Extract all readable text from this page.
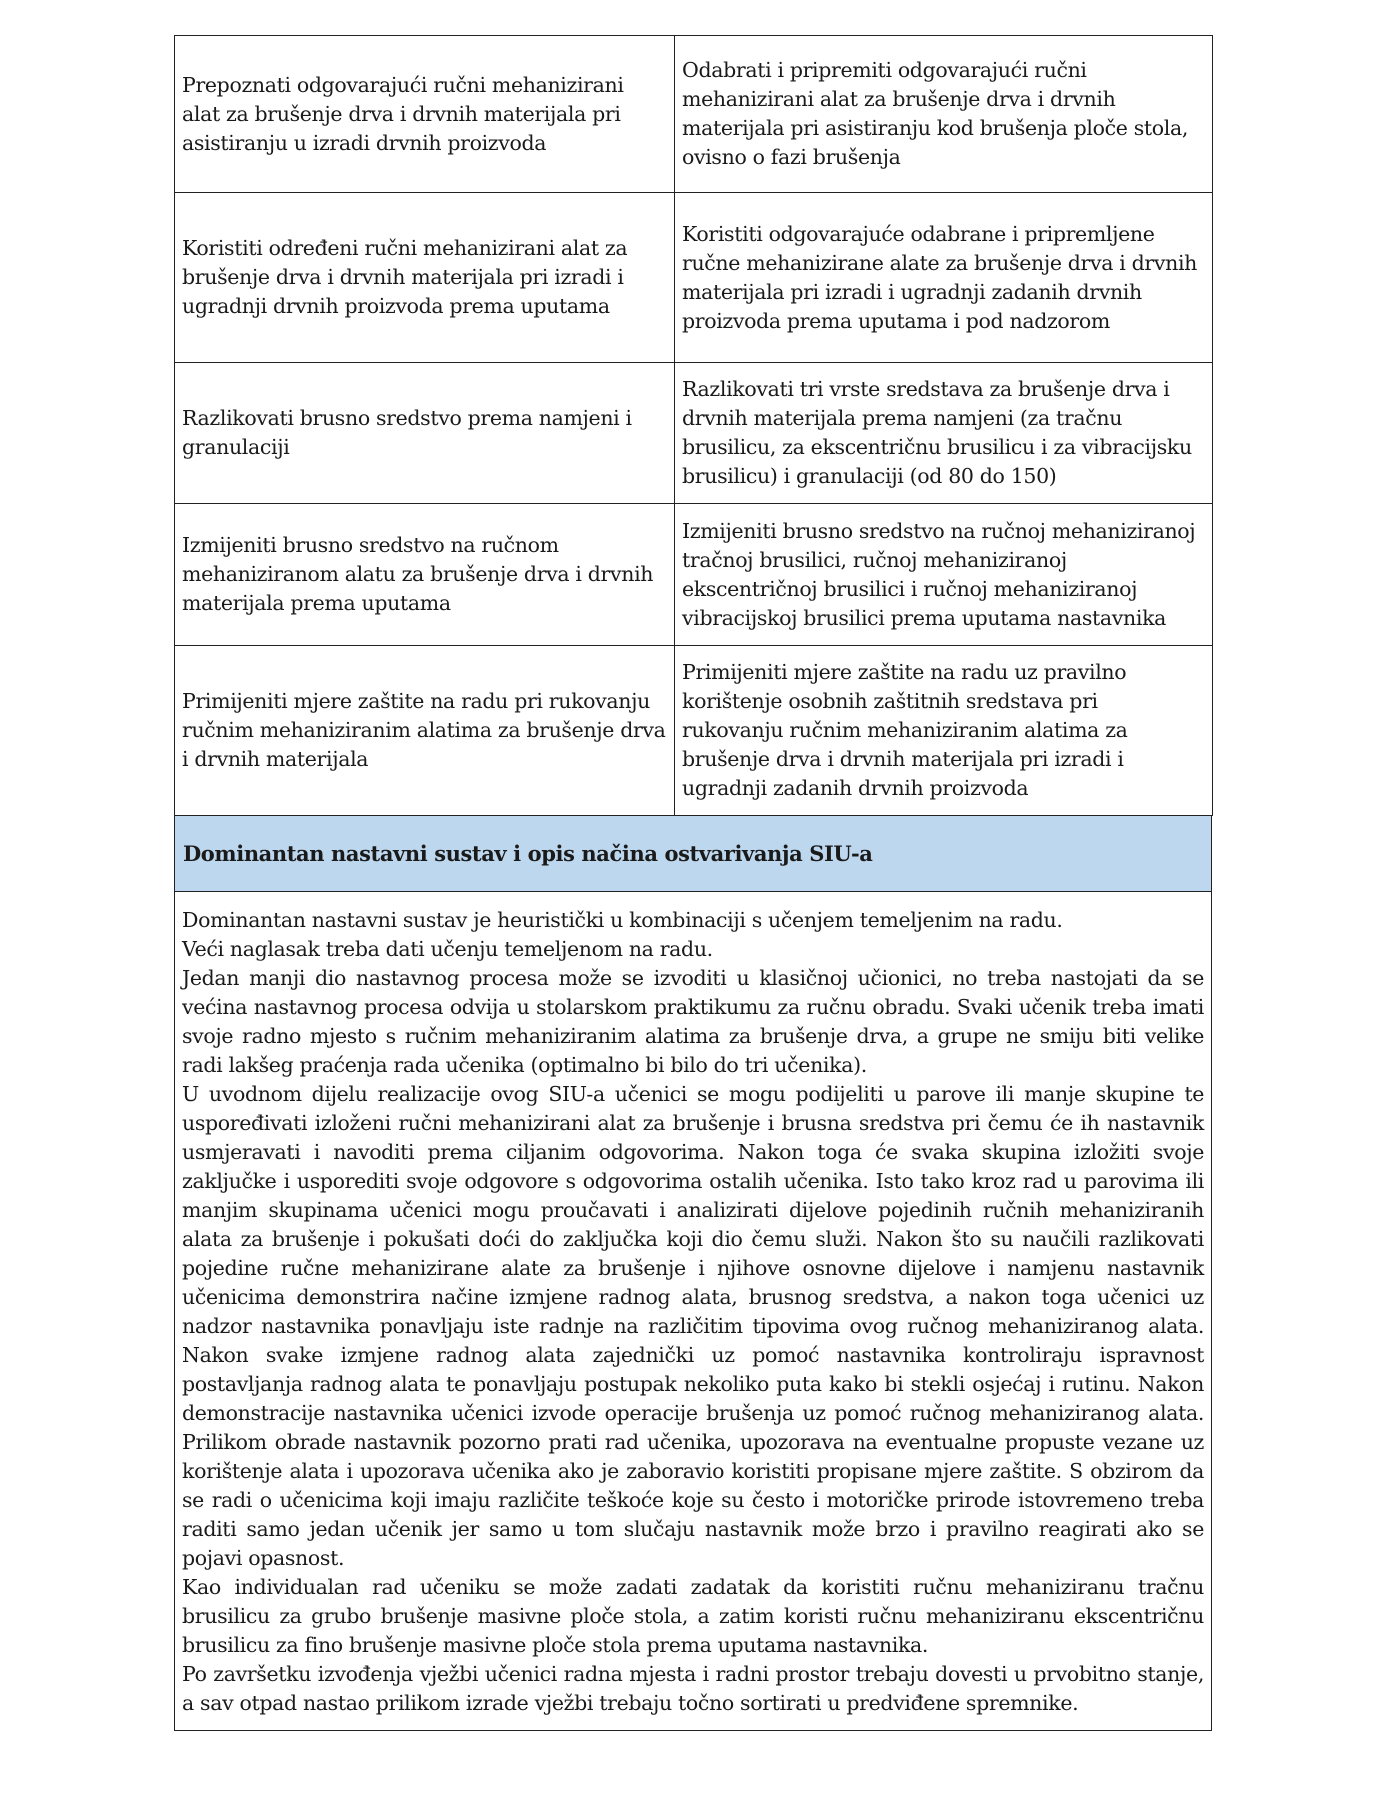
Prepoznati odgovarajući ručni mehanizirani alat za brušenje drva i drvnih materijala pri asistiranju u izradi drvnih proizvoda	Odabrati i pripremiti odgovarajući ručni mehanizirani alat za brušenje drva i drvnih materijala pri asistiranju kod brušenja ploče stola, ovisno o fazi brušenja
Koristiti određeni ručni mehanizirani alat za brušenje drva i drvnih materijala pri izradi i ugradnji drvnih proizvoda prema uputama	Koristiti odgovarajuće odabrane i pripremljene ručne mehanizirane alate za brušenje drva i drvnih materijala pri izradi i ugradnji zadanih drvnih proizvoda prema uputama i pod nadzorom
Razlikovati brusno sredstvo prema namjeni i granulaciji	Razlikovati tri vrste sredstava za brušenje drva i drvnih materijala prema namjeni (za tračnu brusilicu, za ekscentričnu brusilicu i za vibracijsku brusilicu) i granulaciji (od 80 do 150)
Izmijeniti brusno sredstvo na ručnom mehaniziranom alatu za brušenje drva i drvnih materijala prema uputama	Izmijeniti brusno sredstvo na ručnoj mehaniziranoj tračnoj brusilici, ručnoj mehaniziranoj ekscentričnoj brusilici i ručnoj mehaniziranoj vibracijskoj brusilici prema uputama nastavnika
Primijeniti mjere zaštite na radu pri rukovanju ručnim mehaniziranim alatima za brušenje drva i drvnih materijala	Primijeniti mjere zaštite na radu uz pravilno korištenje osobnih zaštitnih sredstava pri rukovanju ručnim mehaniziranim alatima za brušenje drva i drvnih materijala pri izradi i ugradnji zadanih drvnih proizvoda
Dominantan nastavni sustav i opis načina ostvarivanja SIU-a

Dominantan nastavni sustav je heuristički u kombinaciji s učenjem temeljenim na radu.

Veći naglasak treba dati učenju temeljenom na radu.

Jedan manji dio nastavnog procesa može se izvoditi u klasičnoj učionici, no treba nastojati da se većina nastavnog procesa odvija u stolarskom praktikumu za ručnu obradu. Svaki učenik treba imati svoje radno mjesto s ručnim mehaniziranim alatima za brušenje drva, a grupe ne smiju biti velike radi lakšeg praćenja rada učenika (optimalno bi bilo do tri učenika).

U uvodnom dijelu realizacije ovog SIU-a učenici se mogu podijeliti u parove ili manje skupine te uspoređivati izloženi ručni mehanizirani alat za brušenje i brusna sredstva pri čemu će ih nastavnik usmjeravati i navoditi prema ciljanim odgovorima. Nakon toga će svaka skupina izložiti svoje zaključke i usporediti svoje odgovore s odgovorima ostalih učenika. Isto tako kroz rad u parovima ili manjim skupinama učenici mogu proučavati i analizirati dijelove pojedinih ručnih mehaniziranih alata za brušenje i pokušati doći do zaključka koji dio čemu služi. Nakon što su naučili razlikovati pojedine ručne mehanizirane alate za brušenje i njihove osnovne dijelove i namjenu nastavnik učenicima demonstrira načine izmjene radnog alata, brusnog sredstva, a nakon toga učenici uz nadzor nastavnika ponavljaju iste radnje na različitim tipovima ovog ručnog mehaniziranog alata. Nakon svake izmjene radnog alata zajednički uz pomoć nastavnika kontroliraju ispravnost postavljanja radnog alata te ponavljaju postupak nekoliko puta kako bi stekli osjećaj i rutinu. Nakon demonstracije nastavnika učenici izvode operacije brušenja uz pomoć ručnog mehaniziranog alata. Prilikom obrade nastavnik pozorno prati rad učenika, upozorava na eventualne propuste vezane uz korištenje alata i upozorava učenika ako je zaboravio koristiti propisane mjere zaštite. S obzirom da se radi o učenicima koji imaju različite teškoće koje su često i motoričke prirode istovremeno treba raditi samo jedan učenik jer samo u tom slučaju nastavnik može brzo i pravilno reagirati ako se pojavi opasnost.

Kao individualan rad učeniku se može zadati zadatak da koristiti ručnu mehaniziranu tračnu brusilicu za grubo brušenje masivne ploče stola, a zatim koristi ručnu mehaniziranu ekscentričnu brusilicu za fino brušenje masivne ploče stola prema uputama nastavnika.

Po završetku izvođenja vježbi učenici radna mjesta i radni prostor trebaju dovesti u prvobitno stanje, a sav otpad nastao prilikom izrade vježbi trebaju točno sortirati u predviđene spremnike.
